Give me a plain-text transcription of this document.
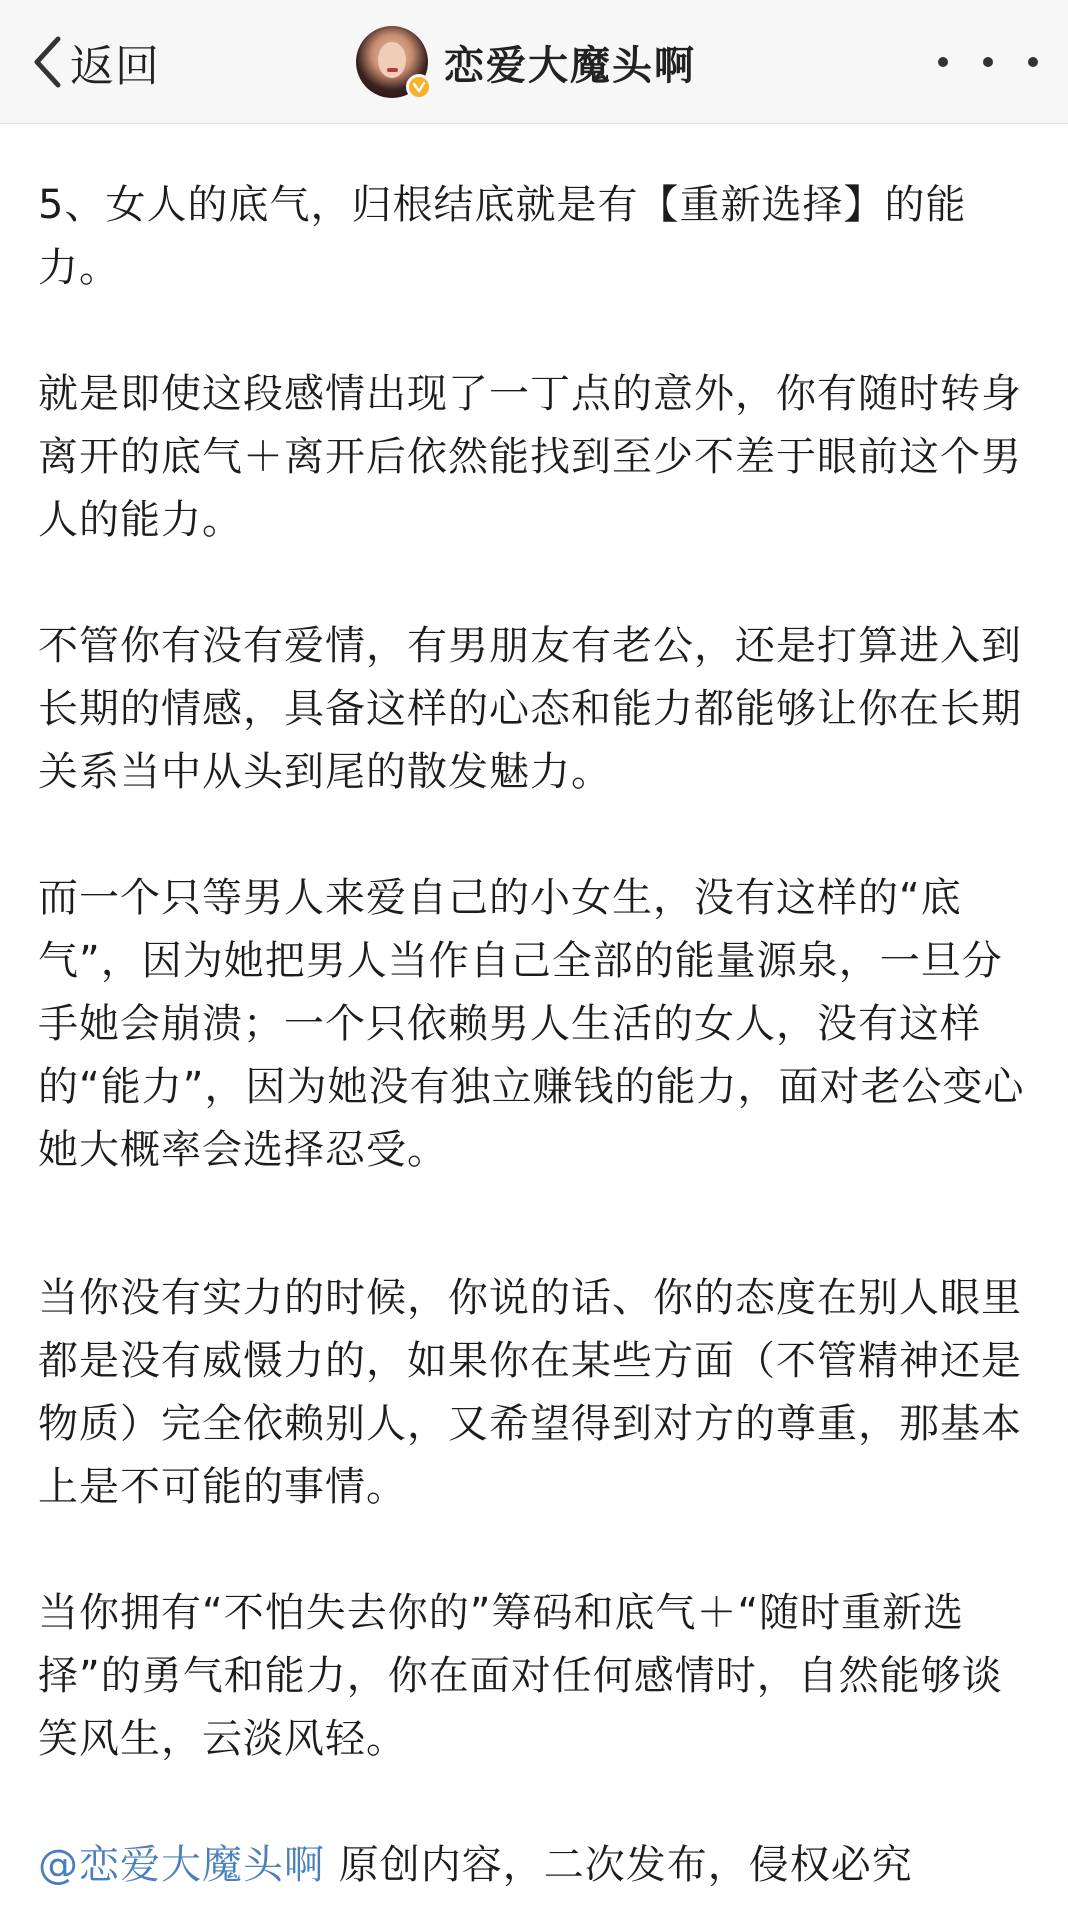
返回	恋爱大魔头啊

5、女人的底气，归根结底就是有【重新选择】的能力。

就是即使这段感情出现了一丁点的意外，你有随时转身离开的底气＋离开后依然能找到至少不差于眼前这个男人的能力。

不管你有没有爱情，有男朋友有老公，还是打算进入到长期的情感，具备这样的心态和能力都能够让你在长期关系当中从头到尾的散发魅力。

而一个只等男人来爱自己的小女生，没有这样的“底气”，因为她把男人当作自己全部的能量源泉，一旦分手她会崩溃；一个只依赖男人生活的女人，没有这样的“能力”，因为她没有独立赚钱的能力，面对老公变心她大概率会选择忍受。

当你没有实力的时候，你说的话、你的态度在别人眼里都是没有威慑力的，如果你在某些方面（不管精神还是物质）完全依赖别人，又希望得到对方的尊重，那基本上是不可能的事情。

当你拥有“不怕失去你的”筹码和底气＋“随时重新选择”的勇气和能力，你在面对任何感情时，自然能够谈笑风生，云淡风轻。

@恋爱大魔头啊 原创内容，二次发布，侵权必究
